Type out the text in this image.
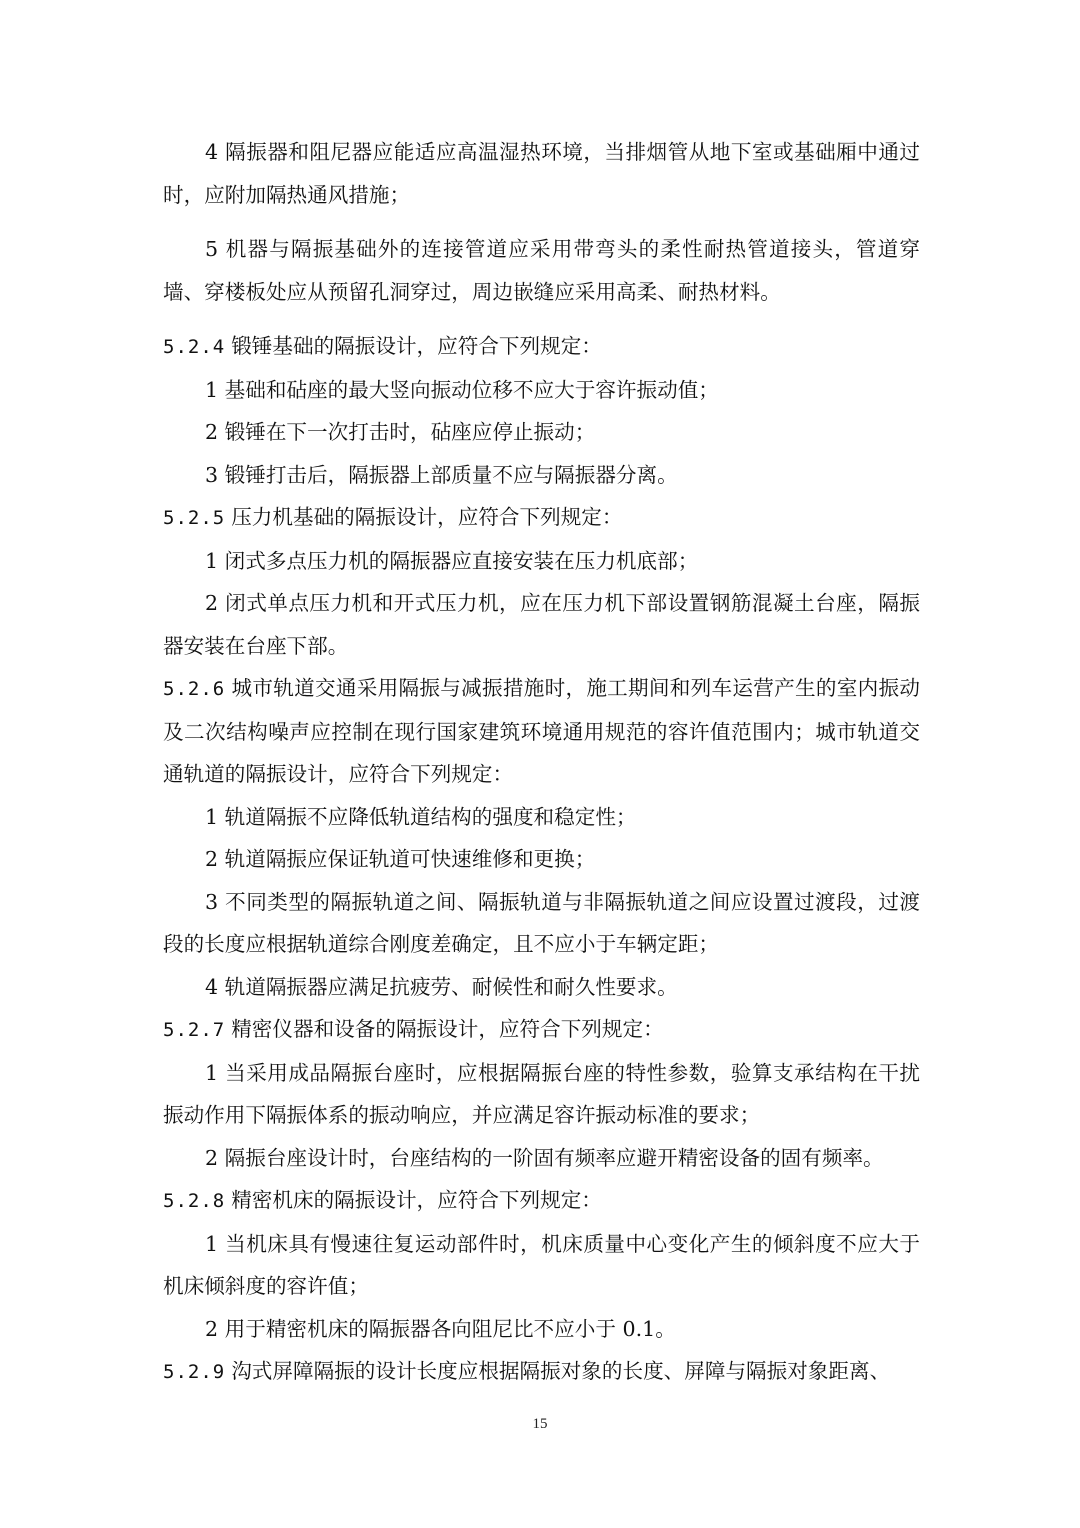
4 隔振器和阻尼器应能适应高温湿热环境，当排烟管从地下室或基础厢中通过时，应附加隔热通风措施；

5 机器与隔振基础外的连接管道应采用带弯头的柔性耐热管道接头，管道穿墙、穿楼板处应从预留孔洞穿过，周边嵌缝应采用高柔、耐热材料。

5.2.4 锻锤基础的隔振设计，应符合下列规定：

1 基础和砧座的最大竖向振动位移不应大于容许振动值；

2 锻锤在下一次打击时，砧座应停止振动；

3 锻锤打击后，隔振器上部质量不应与隔振器分离。

5.2.5 压力机基础的隔振设计，应符合下列规定：

1 闭式多点压力机的隔振器应直接安装在压力机底部；

2 闭式单点压力机和开式压力机，应在压力机下部设置钢筋混凝土台座，隔振器安装在台座下部。

5.2.6 城市轨道交通采用隔振与减振措施时，施工期间和列车运营产生的室内振动及二次结构噪声应控制在现行国家建筑环境通用规范的容许值范围内；城市轨道交通轨道的隔振设计，应符合下列规定：

1 轨道隔振不应降低轨道结构的强度和稳定性；

2 轨道隔振应保证轨道可快速维修和更换；

3 不同类型的隔振轨道之间、隔振轨道与非隔振轨道之间应设置过渡段，过渡段的长度应根据轨道综合刚度差确定，且不应小于车辆定距；

4 轨道隔振器应满足抗疲劳、耐候性和耐久性要求。

5.2.7 精密仪器和设备的隔振设计，应符合下列规定：

1 当采用成品隔振台座时，应根据隔振台座的特性参数，验算支承结构在干扰振动作用下隔振体系的振动响应，并应满足容许振动标准的要求；

2 隔振台座设计时，台座结构的一阶固有频率应避开精密设备的固有频率。

5.2.8 精密机床的隔振设计，应符合下列规定：

1 当机床具有慢速往复运动部件时，机床质量中心变化产生的倾斜度不应大于机床倾斜度的容许值；

2 用于精密机床的隔振器各向阻尼比不应小于 0.1。

5.2.9 沟式屏障隔振的设计长度应根据隔振对象的长度、屏障与隔振对象距离、

15
